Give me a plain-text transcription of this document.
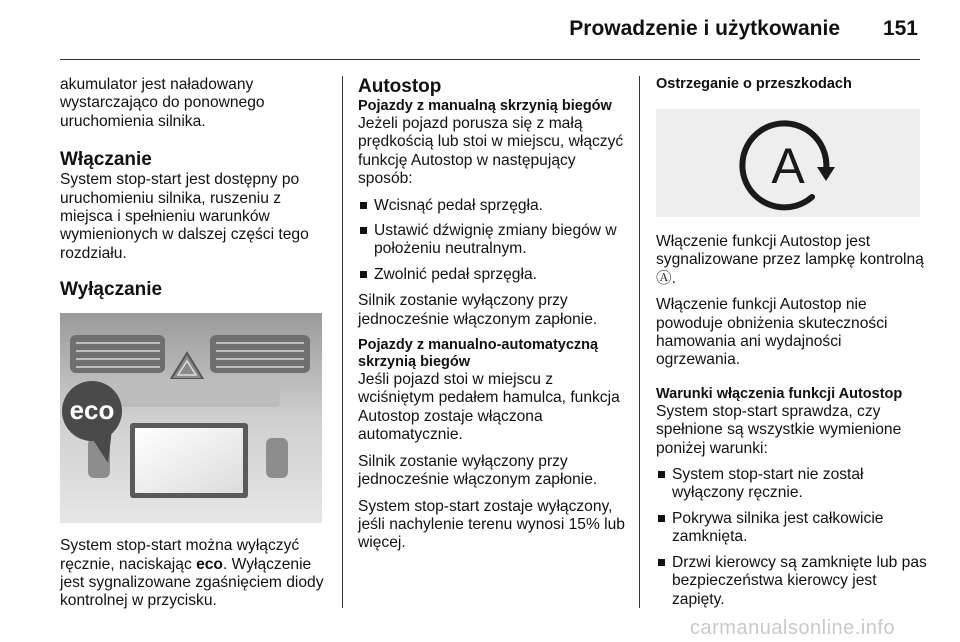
Prowadzenie i użytkowanie 151

akumulator jest naładowany wystarczająco do ponownego uruchomienia silnika.

Włączanie

System stop-start jest dostępny po uruchomieniu silnika, ruszeniu z miejsca i spełnieniu warunków wymienionych w dalszej części tego rozdziału.

Wyłączanie
eco

System stop-start można wyłączyć ręcznie, naciskając eco. Wyłączenie jest sygnalizowane zgaśnięciem diody kontrolnej w przycisku.

Autostop
Pojazdy z manualną skrzynią biegów

Jeżeli pojazd porusza się z małą prędkością lub stoi w miejscu, włączyć funkcję Autostop w następujący sposób:

Wcisnąć pedał sprzęgła.
Ustawić dźwignię zmiany biegów w położeniu neutralnym.
Zwolnić pedał sprzęgła.

Silnik zostanie wyłączony przy jednocześnie włączonym zapłonie.

Pojazdy z manualno-automatyczną skrzynią biegów

Jeśli pojazd stoi w miejscu z wciśniętym pedałem hamulca, funkcja Autostop zostaje włączona automatycznie.

Silnik zostanie wyłączony przy jednocześnie włączonym zapłonie.

System stop-start zostaje wyłączony, jeśli nachylenie terenu wynosi 15% lub więcej.

Ostrzeganie o przeszkodach
A

Włączenie funkcji Autostop jest sygnalizowane przez lampkę kontrolną Ⓐ.

Włączenie funkcji Autostop nie powoduje obniżenia skuteczności hamowania ani wydajności ogrzewania.

Warunki włączenia funkcji Autostop

System stop-start sprawdza, czy spełnione są wszystkie wymienione poniżej warunki:

System stop-start nie został wyłączony ręcznie.
Pokrywa silnika jest całkowicie zamknięta.
Drzwi kierowcy są zamknięte lub pas bezpieczeństwa kierowcy jest zapięty.
carmanualsonline.info
